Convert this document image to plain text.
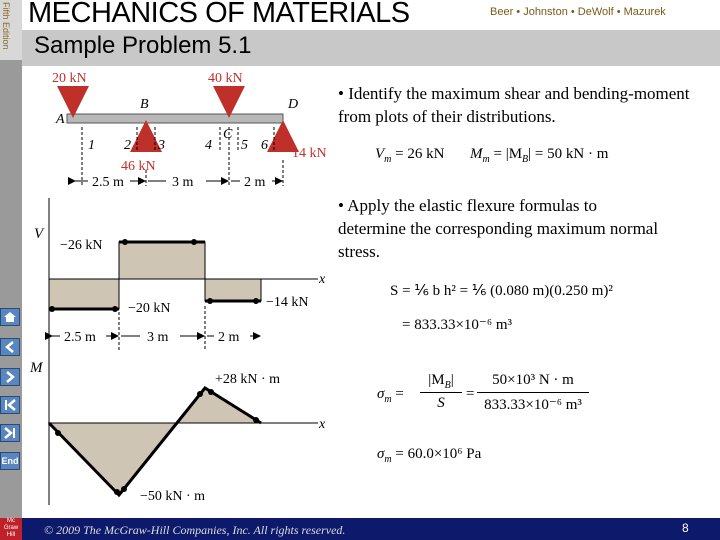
Fifth Edition MECHANICS OF MATERIALS	Beer • Johnston • DeWolf • Mazurek
Sample Problem 5.1
End
Mc Graw Hill
20 kN	40 kN
46 kN
14 kN
A
B
C
D
1 2 3	4 5 6
2.5 m	3 m	2 m
V
x
−26 kN
−20 kN	−14 kN
2.5 m	3 m	2 m
M
x
+28 kN · m
−50 kN · m
• Identify the maximum shear and bending-moment from plots of their distributions.
• Apply the elastic flexure formulas to determine the corresponding maximum normal stress.
$V_m = 26$ kN $M_m = |M_B| = 50$ kN · m
S = ⅙ b h² = ⅙ (0.080 m)(0.250 m)²
= 833.33×10⁻⁶ m³
$\sigma_m$ =
$|M_B|$
S
=
50×10³ N · m
833.33×10⁻⁶ m³
$\sigma_m = 60.0\times 10^6$ Pa
© 2009 The McGraw-Hill Companies, Inc. All rights reserved.	8
